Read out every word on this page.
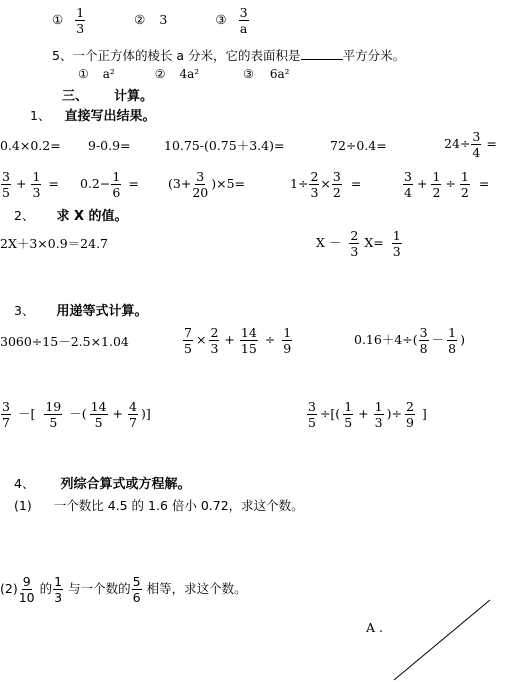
① $\frac{1}{3}$	② 3	③ $\frac{3}{a}$
5、一个正方体的棱长 a 分米，它的表面积是	平方分米。
① a²	② 4a²	③ 6a²
三、 计算。
1、 直接写出结果。
0.4×0.2= 9-0.9=	10.75-(0.75＋3.4)=	72÷0.4=	$24\div \frac{3}{4}$ =
$\frac{3}{5} + \frac{1}{3} = 0.2- \frac{1}{6} = (3+ \frac{3}{20} )\times 5=$	$1\div \frac{2}{3} \times \frac{3}{2}$ =	$\frac{3}{4} + \frac{1}{2} \div \frac{1}{2}$ =
2、 求 X 的值。
2X＋3×0.9＝24.7	$X - \frac{2}{3} X= \frac{1}{3}$
3、 用递等式计算。
3060÷15－2.5×1.04	$\frac{7}{5} \times \frac{2}{3} + \frac{14}{15} \div \frac{1}{9}$	$0.16+4\div( \frac{3}{8} - \frac{1}{8}$ )
$\frac{3}{7}$ －[ $\frac{19}{5}$ －( $\frac{14}{5} + \frac{4}{7}$ )]	$\frac{3}{5}$ ÷[( $\frac{1}{5} + \frac{1}{3}$ )÷ $\frac{2}{9}$ ]
4、 列综合算式或方程解。
(1) 一个数比 4.5 的 1.6 倍小 0.72，求这个数。
$(2) \frac{9}{10}$ 的 $\frac{1}{3}$ 与一个数的 $\frac{5}{6}$ 相等，求这个数。
A .
